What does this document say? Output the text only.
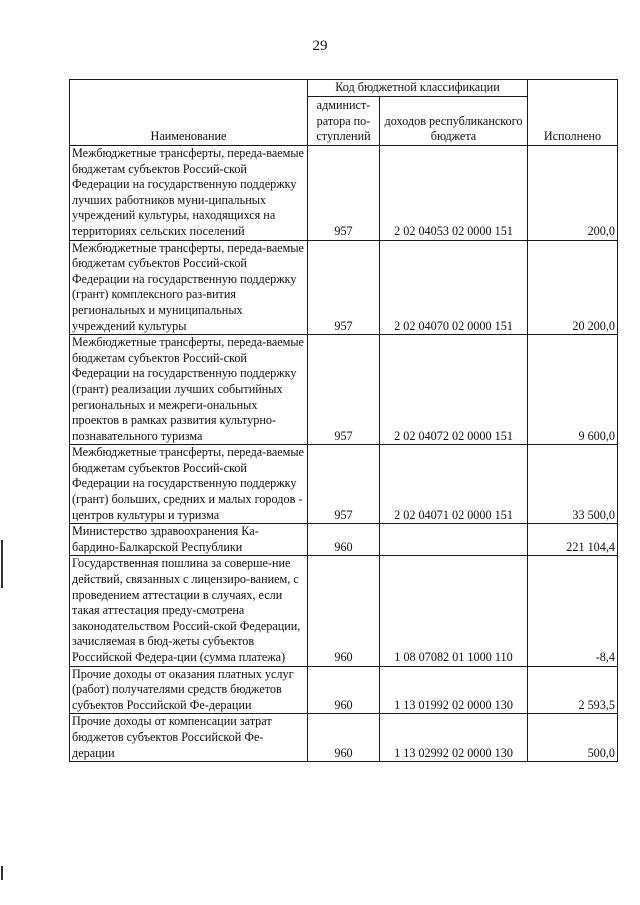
29
Наименование	Код бюджетной классификации		Исполнено
	админист-ратора по-ступлений	доходов республиканского бюджета	
Межбюджетные трансферты, переда-ваемые бюджетам субъектов Россий-ской Федерации на государственную поддержку лучших работников муни-ципальных учреждений культуры, находящихся на территориях сельских поселений	957	2 02 04053 02 0000 151	200,0
Межбюджетные трансферты, переда-ваемые бюджетам субъектов Россий-ской Федерации на государственную поддержку (грант) комплексного раз-вития региональных и муниципальных учреждений культуры	957	2 02 04070 02 0000 151	20 200,0
Межбюджетные трансферты, переда-ваемые бюджетам субъектов Россий-ской Федерации на государственную поддержку (грант) реализации лучших событийных региональных и межреги-ональных проектов в рамках развития культурно-познавательного туризма	957	2 02 04072 02 0000 151	9 600,0
Межбюджетные трансферты, переда-ваемые бюджетам субъектов Россий-ской Федерации на государственную поддержку (грант) больших, средних и малых городов - центров культуры и туризма	957	2 02 04071 02 0000 151	33 500,0
Министерство здравоохранения Ка-бардино-Балкарской Республики	960		221 104,4
Государственная пошлина за соверше-ние действий, связанных с лицензиро-ванием, с проведением аттестации в случаях, если такая аттестация преду-смотрена законодательством Россий-ской Федерации, зачисляемая в бюд-жеты субъектов Российской Федера-ции (сумма платежа)	960	1 08 07082 01 1000 110	-8,4
Прочие доходы от оказания платных услуг (работ) получателями средств бюджетов субъектов Российской Фе-дерации	960	1 13 01992 02 0000 130	2 593,5
Прочие доходы от компенсации затрат бюджетов субъектов Российской Фе-дерации	960	1 13 02992 02 0000 130	500,0
